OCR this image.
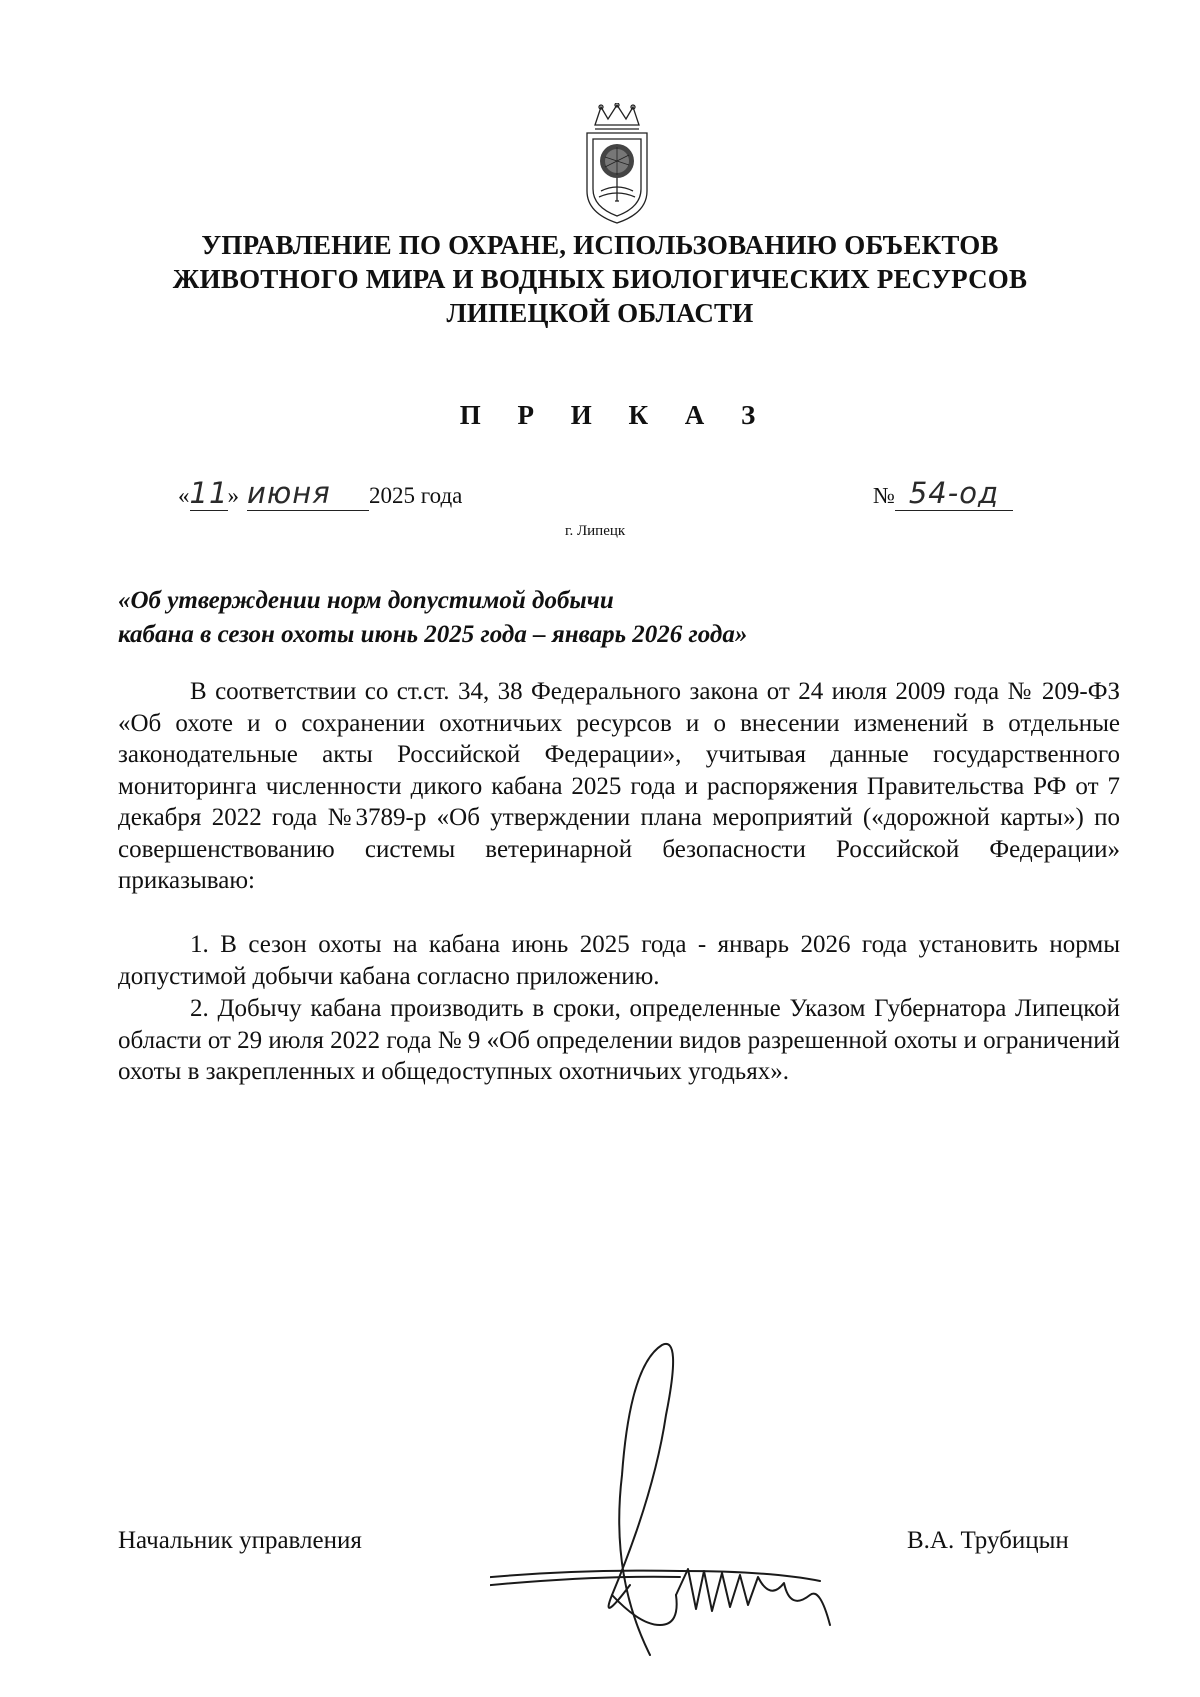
УПРАВЛЕНИЕ ПО ОХРАНЕ, ИСПОЛЬЗОВАНИЮ ОБЪЕКТОВ
ЖИВОТНОГО МИРА И ВОДНЫХ БИОЛОГИЧЕСКИХ РЕСУРСОВ
ЛИПЕЦКОЙ ОБЛАСТИ
П Р И К А З
«11» июня 2025 года
г. Липецк
№ 54-од
«Об утверждении норм допустимой добычи
кабана в сезон охоты июнь 2025 года – январь 2026 года»

В соответствии со ст.ст. 34, 38 Федерального закона от 24 июля 2009 года № 209-ФЗ «Об охоте и о сохранении охотничьих ресурсов и о внесении изменений в отдельные законодательные акты Российской Федерации», учитывая данные государственного мониторинга численности дикого кабана 2025 года и распоряжения Правительства РФ от 7 декабря 2022 года №3789-р «Об утверждении плана мероприятий («дорожной карты») по совершенствованию системы ветеринарной безопасности Российской Федерации» приказываю:

1. В сезон охоты на кабана июнь 2025 года - январь 2026 года установить нормы допустимой добычи кабана согласно приложению.

2. Добычу кабана производить в сроки, определенные Указом Губернатора Липецкой области от 29 июля 2022 года № 9 «Об определении видов разрешенной охоты и ограничений охоты в закрепленных и общедоступных охотничьих угодьях».

Начальник управления	В.А. Трубицын
